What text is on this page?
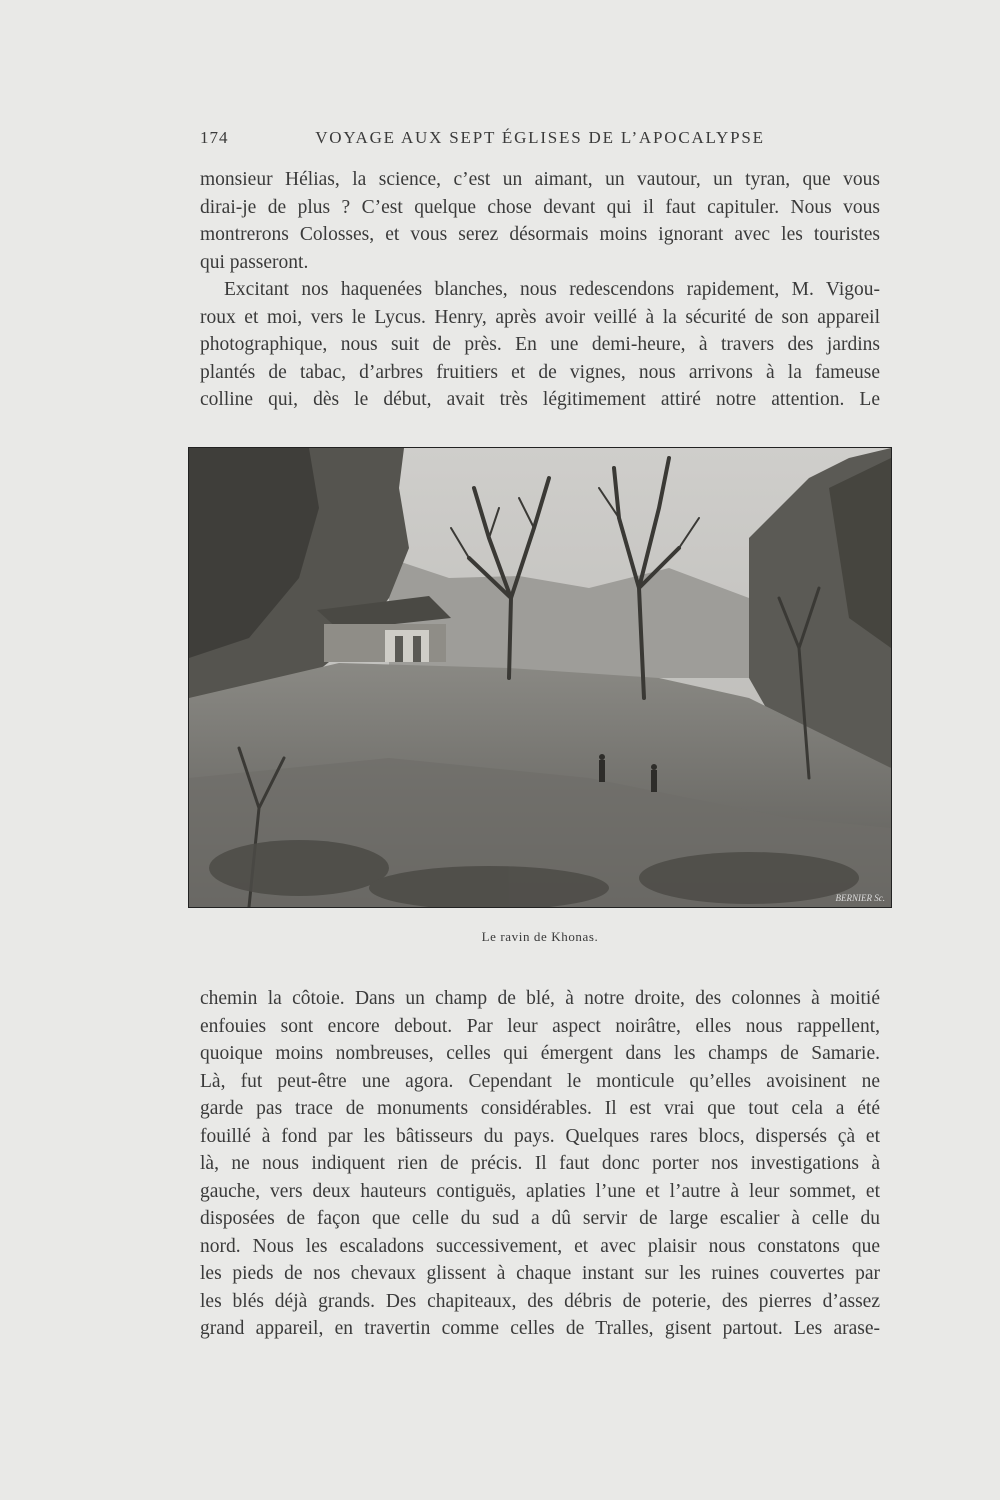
174	VOYAGE AUX SEPT ÉGLISES DE L’APOCALYPSE
monsieur Hélias, la science, c’est un aimant, un vautour, un tyran, que vous
dirai-je de plus ? C’est quelque chose devant qui il faut capituler. Nous vous
montrerons Colosses, et vous serez désormais moins ignorant avec les touristes
qui passeront.
Excitant nos haquenées blanches, nous redescendons rapidement, M. Vigou-
roux et moi, vers le Lycus. Henry, après avoir veillé à la sécurité de son appareil
photographique, nous suit de près. En une demi-heure, à travers des jardins
plantés de tabac, d’arbres fruitiers et de vignes, nous arrivons à la fameuse
colline qui, dès le début, avait très légitimement attiré notre attention. Le
BERNIER Sc.
Le ravin de Khonas.
chemin la côtoie. Dans un champ de blé, à notre droite, des colonnes à moitié
enfouies sont encore debout. Par leur aspect noirâtre, elles nous rappellent,
quoique moins nombreuses, celles qui émergent dans les champs de Samarie.
Là, fut peut-être une agora. Cependant le monticule qu’elles avoisinent ne
garde pas trace de monuments considérables. Il est vrai que tout cela a été
fouillé à fond par les bâtisseurs du pays. Quelques rares blocs, dispersés çà et
là, ne nous indiquent rien de précis. Il faut donc porter nos investigations à
gauche, vers deux hauteurs contiguës, aplaties l’une et l’autre à leur sommet, et
disposées de façon que celle du sud a dû servir de large escalier à celle du
nord. Nous les escaladons successivement, et avec plaisir nous constatons que
les pieds de nos chevaux glissent à chaque instant sur les ruines couvertes par
les blés déjà grands. Des chapiteaux, des débris de poterie, des pierres d’assez
grand appareil, en travertin comme celles de Tralles, gisent partout. Les arase-
